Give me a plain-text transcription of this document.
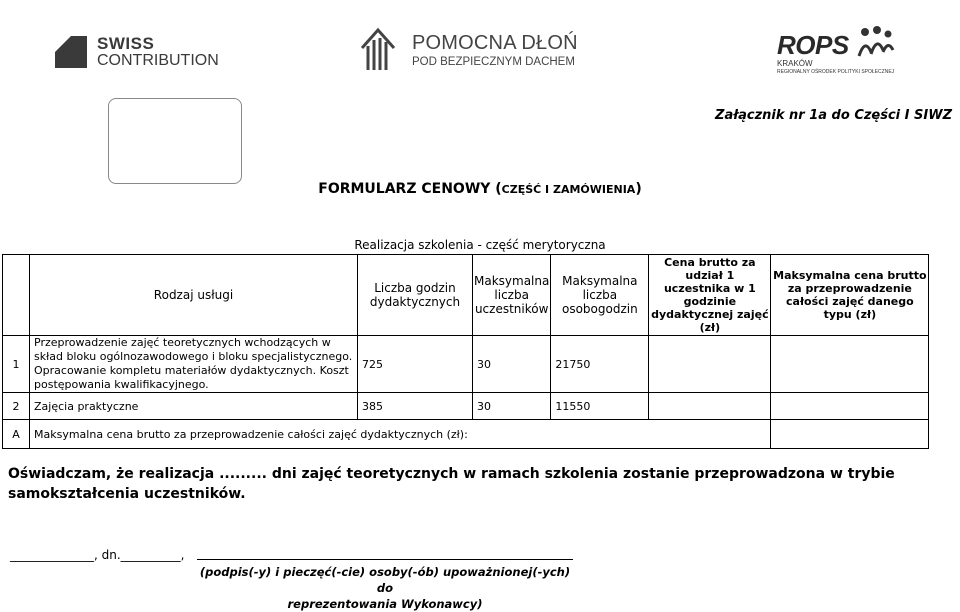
SWISS
CONTRIBUTION
POMOCNA DŁOŃ
POD BEZPIECZNYM DACHEM
ROPS
KRAKÓW
REGIONALNY OŚRODEK POLITYKI SPOŁECZNEJ
Załącznik nr 1a do Części I SIWZ
FORMULARZ CENOWY (CZĘŚĆ I ZAMÓWIENIA)
Realizacja szkolenia - część merytoryczna
	Rodzaj usługi	Liczba godzin dydaktycznych	Maksymalna liczba uczestników	Maksymalna liczba osobogodzin	Cena brutto za udział 1 uczestnika w 1 godzinie dydaktycznej zajęć (zł)	Maksymalna cena brutto za przeprowadzenie całości zajęć danego typu (zł)
1	Przeprowadzenie zajęć teoretycznych wchodzących w skład bloku ogólnozawodowego i bloku specjalistycznego. Opracowanie kompletu materiałów dydaktycznych. Koszt postępowania kwalifikacyjnego.	725	30	21750		
2	Zajęcia praktyczne	385	30	11550		
A	Maksymalna cena brutto za przeprowadzenie całości zajęć dydaktycznych (zł):					
Oświadczam, że realizacja ......... dni zajęć teoretycznych w ramach szkolenia zostanie przeprowadzona w trybie samokształcenia uczestników.
______________, dn.__________,
(podpis(-y) i pieczęć(-cie) osoby(-ób) upoważnionej(-ych) do
reprezentowania Wykonawcy)
